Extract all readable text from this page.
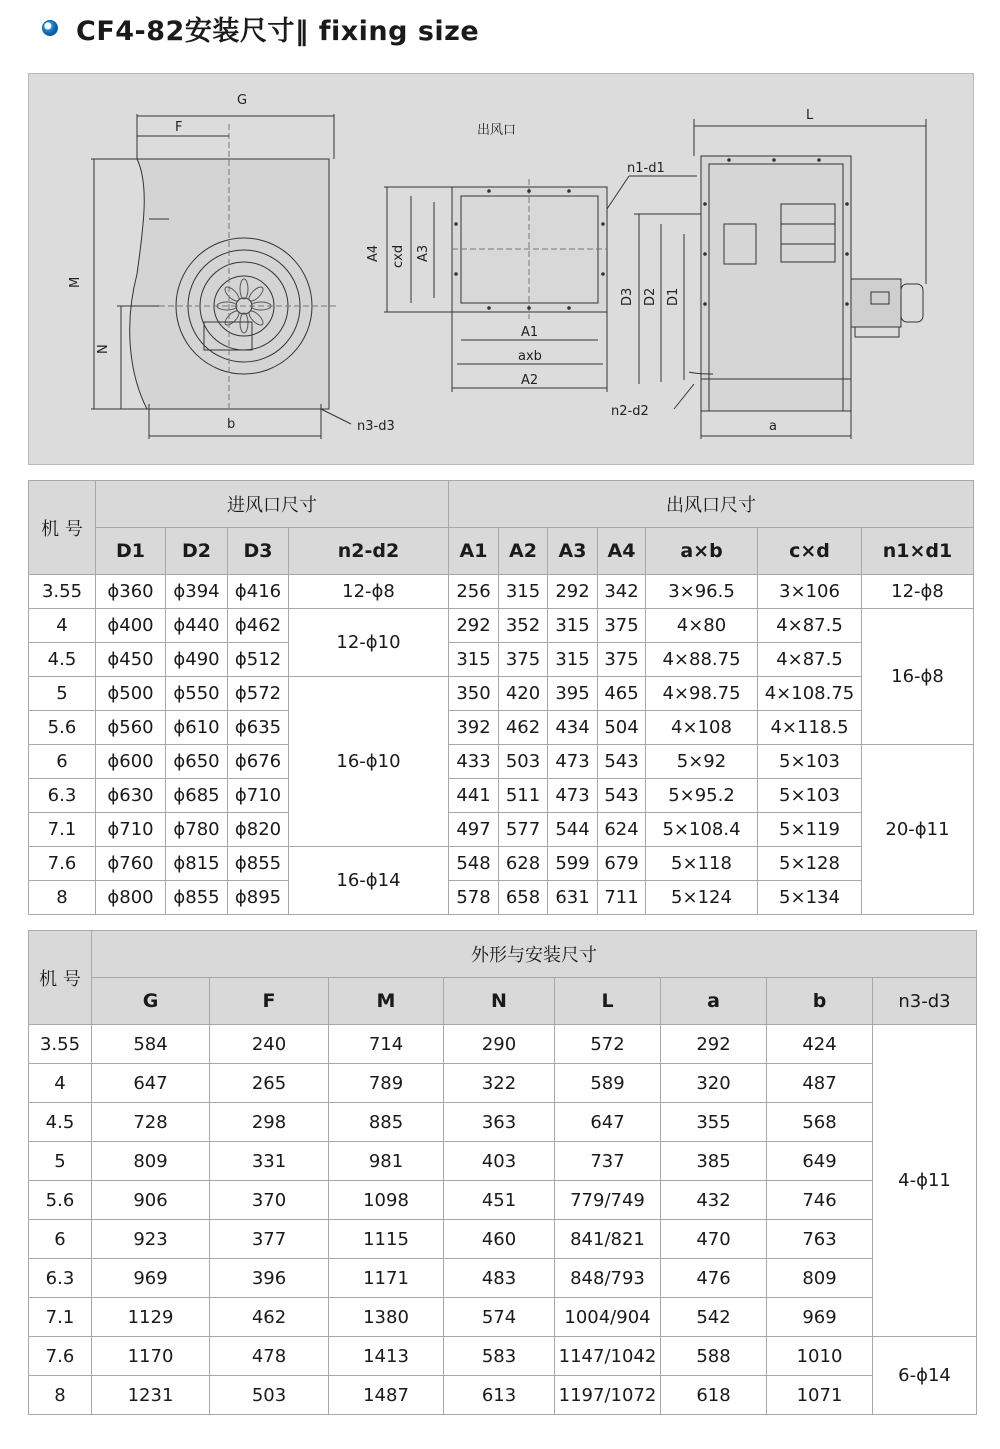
CF4-82安装尺寸‖ fixing size
G
F
M
N
b	n3-d3
出风口
n1-d1
A4 cxd A3
A1
axb
A2
L
D3 D2 D1
n2-d2
a
机 号	进风口尺寸				出风口尺寸						
	D1	D2	D3	n2-d2	A1	A2	A3	A4	a×b	c×d	n1×d1
3.55	ϕ360	ϕ394	ϕ416	12-ϕ8	256	315	292	342	3×96.5	3×106	12-ϕ8
4	ϕ400	ϕ440	ϕ462	12-ϕ10	292	352	315	375	4×80	4×87.5	16-ϕ8
4.5	ϕ450	ϕ490	ϕ512		315	375	315	375	4×88.75	4×87.5	
5	ϕ500	ϕ550	ϕ572	16-ϕ10	350	420	395	465	4×98.75	4×108.75	
5.6	ϕ560	ϕ610	ϕ635		392	462	434	504	4×108	4×118.5	
6	ϕ600	ϕ650	ϕ676		433	503	473	543	5×92	5×103	20-ϕ11
6.3	ϕ630	ϕ685	ϕ710		441	511	473	543	5×95.2	5×103	
7.1	ϕ710	ϕ780	ϕ820		497	577	544	624	5×108.4	5×119	
7.6	ϕ760	ϕ815	ϕ855	16-ϕ14	548	628	599	679	5×118	5×128	
8	ϕ800	ϕ855	ϕ895		578	658	631	711	5×124	5×134	
机 号	外形与安装尺寸							
	G	F	M	N	L	a	b	n3-d3
3.55	584	240	714	290	572	292	424	4-ϕ11
4	647	265	789	322	589	320	487	
4.5	728	298	885	363	647	355	568	
5	809	331	981	403	737	385	649	
5.6	906	370	1098	451	779/749	432	746	
6	923	377	1115	460	841/821	470	763	
6.3	969	396	1171	483	848/793	476	809	
7.1	1129	462	1380	574	1004/904	542	969	
7.6	1170	478	1413	583	1147/1042	588	1010	6-ϕ14
8	1231	503	1487	613	1197/1072	618	1071	
